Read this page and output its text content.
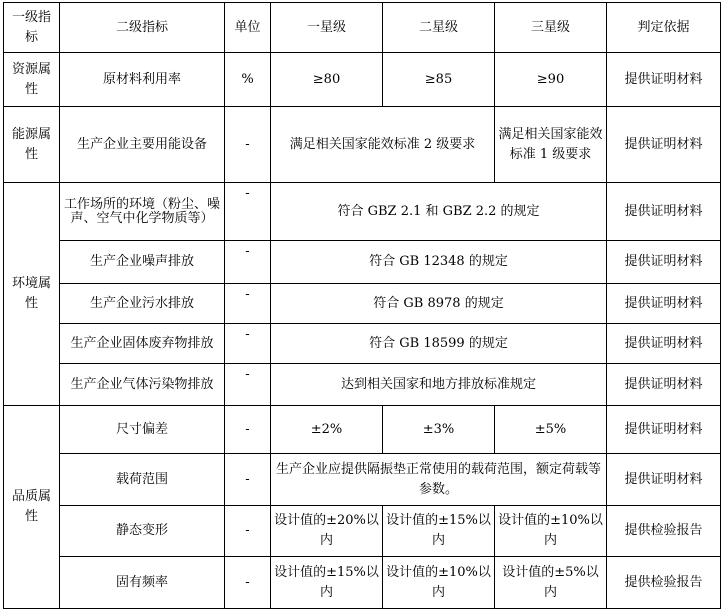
一级指标	二级指标	单位	一星级	二星级	三星级	判定依据
资源属性	原材料利用率	%	≥80	≥85	≥90	提供证明材料
能源属性	生产企业主要用能设备	-	满足相关国家能效标准 2 级要求		满足相关国家能效标准 1 级要求	提供证明材料
环境属性	工作场所的环境（粉尘、噪声、空气中化学物质等）	-	符合 GBZ 2.1 和 GBZ 2.2 的规定			提供证明材料
	生产企业噪声排放	-	符合 GB 12348 的规定			提供证明材料
	生产企业污水排放	-	符合 GB 8978 的规定			提供证明材料
	生产企业固体废弃物排放	-	符合 GB 18599 的规定			提供证明材料
	生产企业气体污染物排放	-	达到相关国家和地方排放标准规定			提供证明材料
品质属性	尺寸偏差	-	±2%	±3%	±5%	提供证明材料
	载荷范围	-	生产企业应提供隔振垫正常使用的载荷范围，额定荷载等参数。			提供证明材料
	静态变形	-	设计值的±20%以内	设计值的±15%以内	设计值的±10%以内	提供检验报告
	固有频率	-	设计值的±15%以内	设计值的±10%以内	设计值的±5%以内	提供检验报告
